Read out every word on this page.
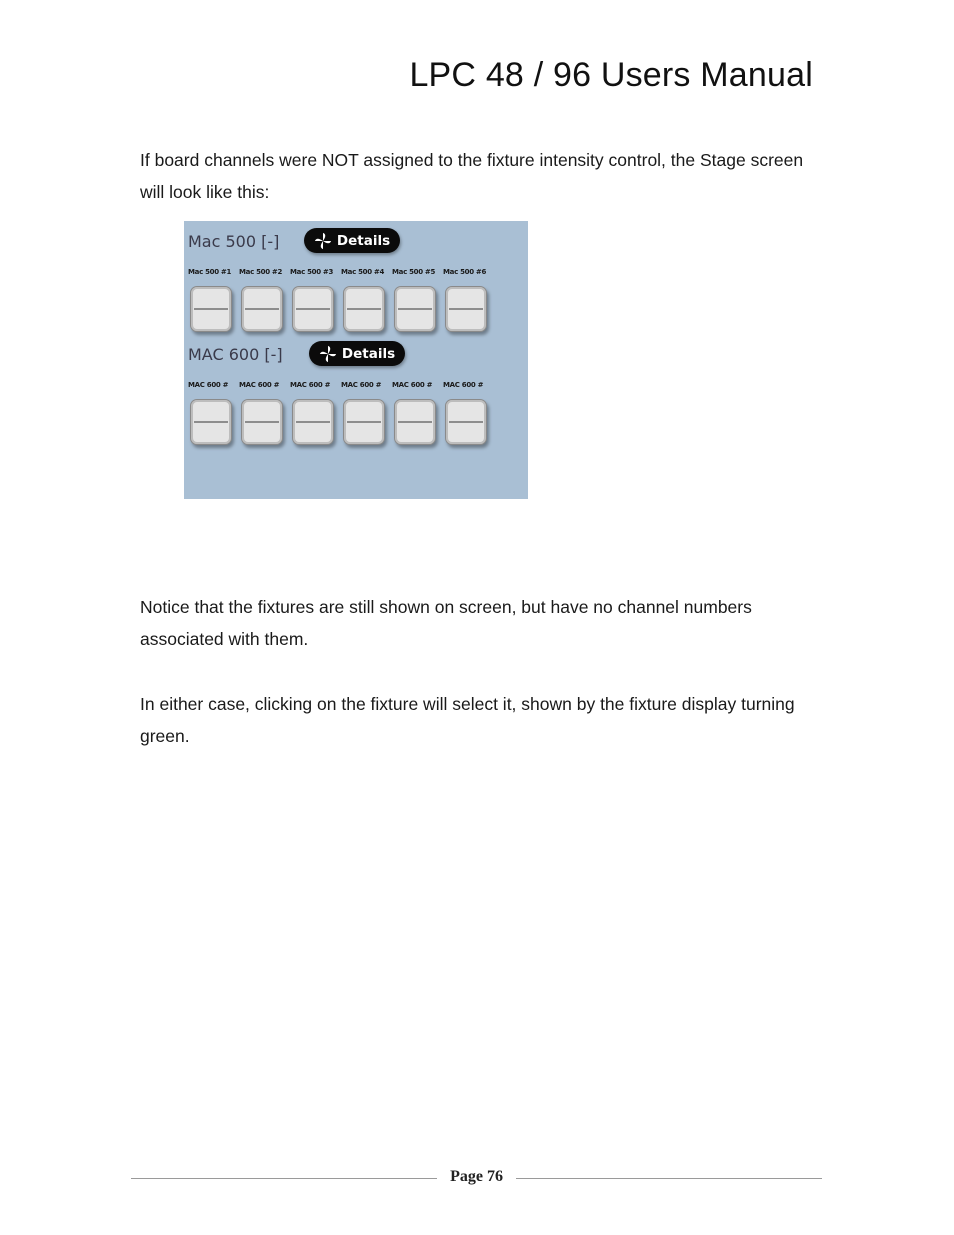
LPC 48 / 96 Users Manual
If board channels were NOT assigned to the fixture intensity control, the Stage screen will look like this:
Mac 500 [-]	Details
Mac 500 #1	Mac 500 #2	Mac 500 #3	Mac 500 #4	Mac 500 #5	Mac 500 #6
MAC 600 [-]	Details
MAC 600 #	MAC 600 #	MAC 600 #	MAC 600 #	MAC 600 #	MAC 600 #
Notice that the fixtures are still shown on screen, but have no channel numbers associated with them.
In either case, clicking on the fixture will select it, shown by the fixture display turning green.
Page 76
